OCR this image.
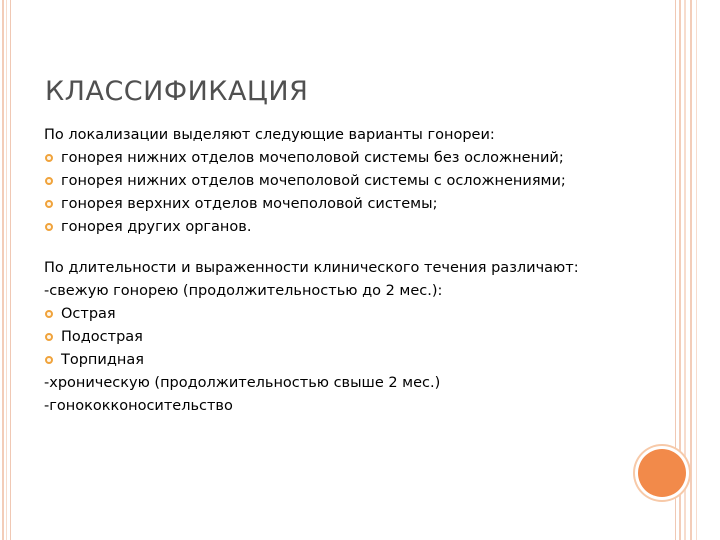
КЛАССИФИКАЦИЯ
По локализации выделяют следующие варианты гонореи:
гонорея нижних отделов мочеполовой системы без осложнений;
гонорея нижних отделов мочеполовой системы с осложнениями;
гонорея верхних отделов мочеполовой системы;
гонорея других органов.
По длительности и выраженности клинического течения различают:
-свежую гонорею (продолжительностью до 2 мес.):
Острая
Подострая
Торпидная
-хроническую (продолжительностью свыше 2 мес.)
-гонококконосительство
